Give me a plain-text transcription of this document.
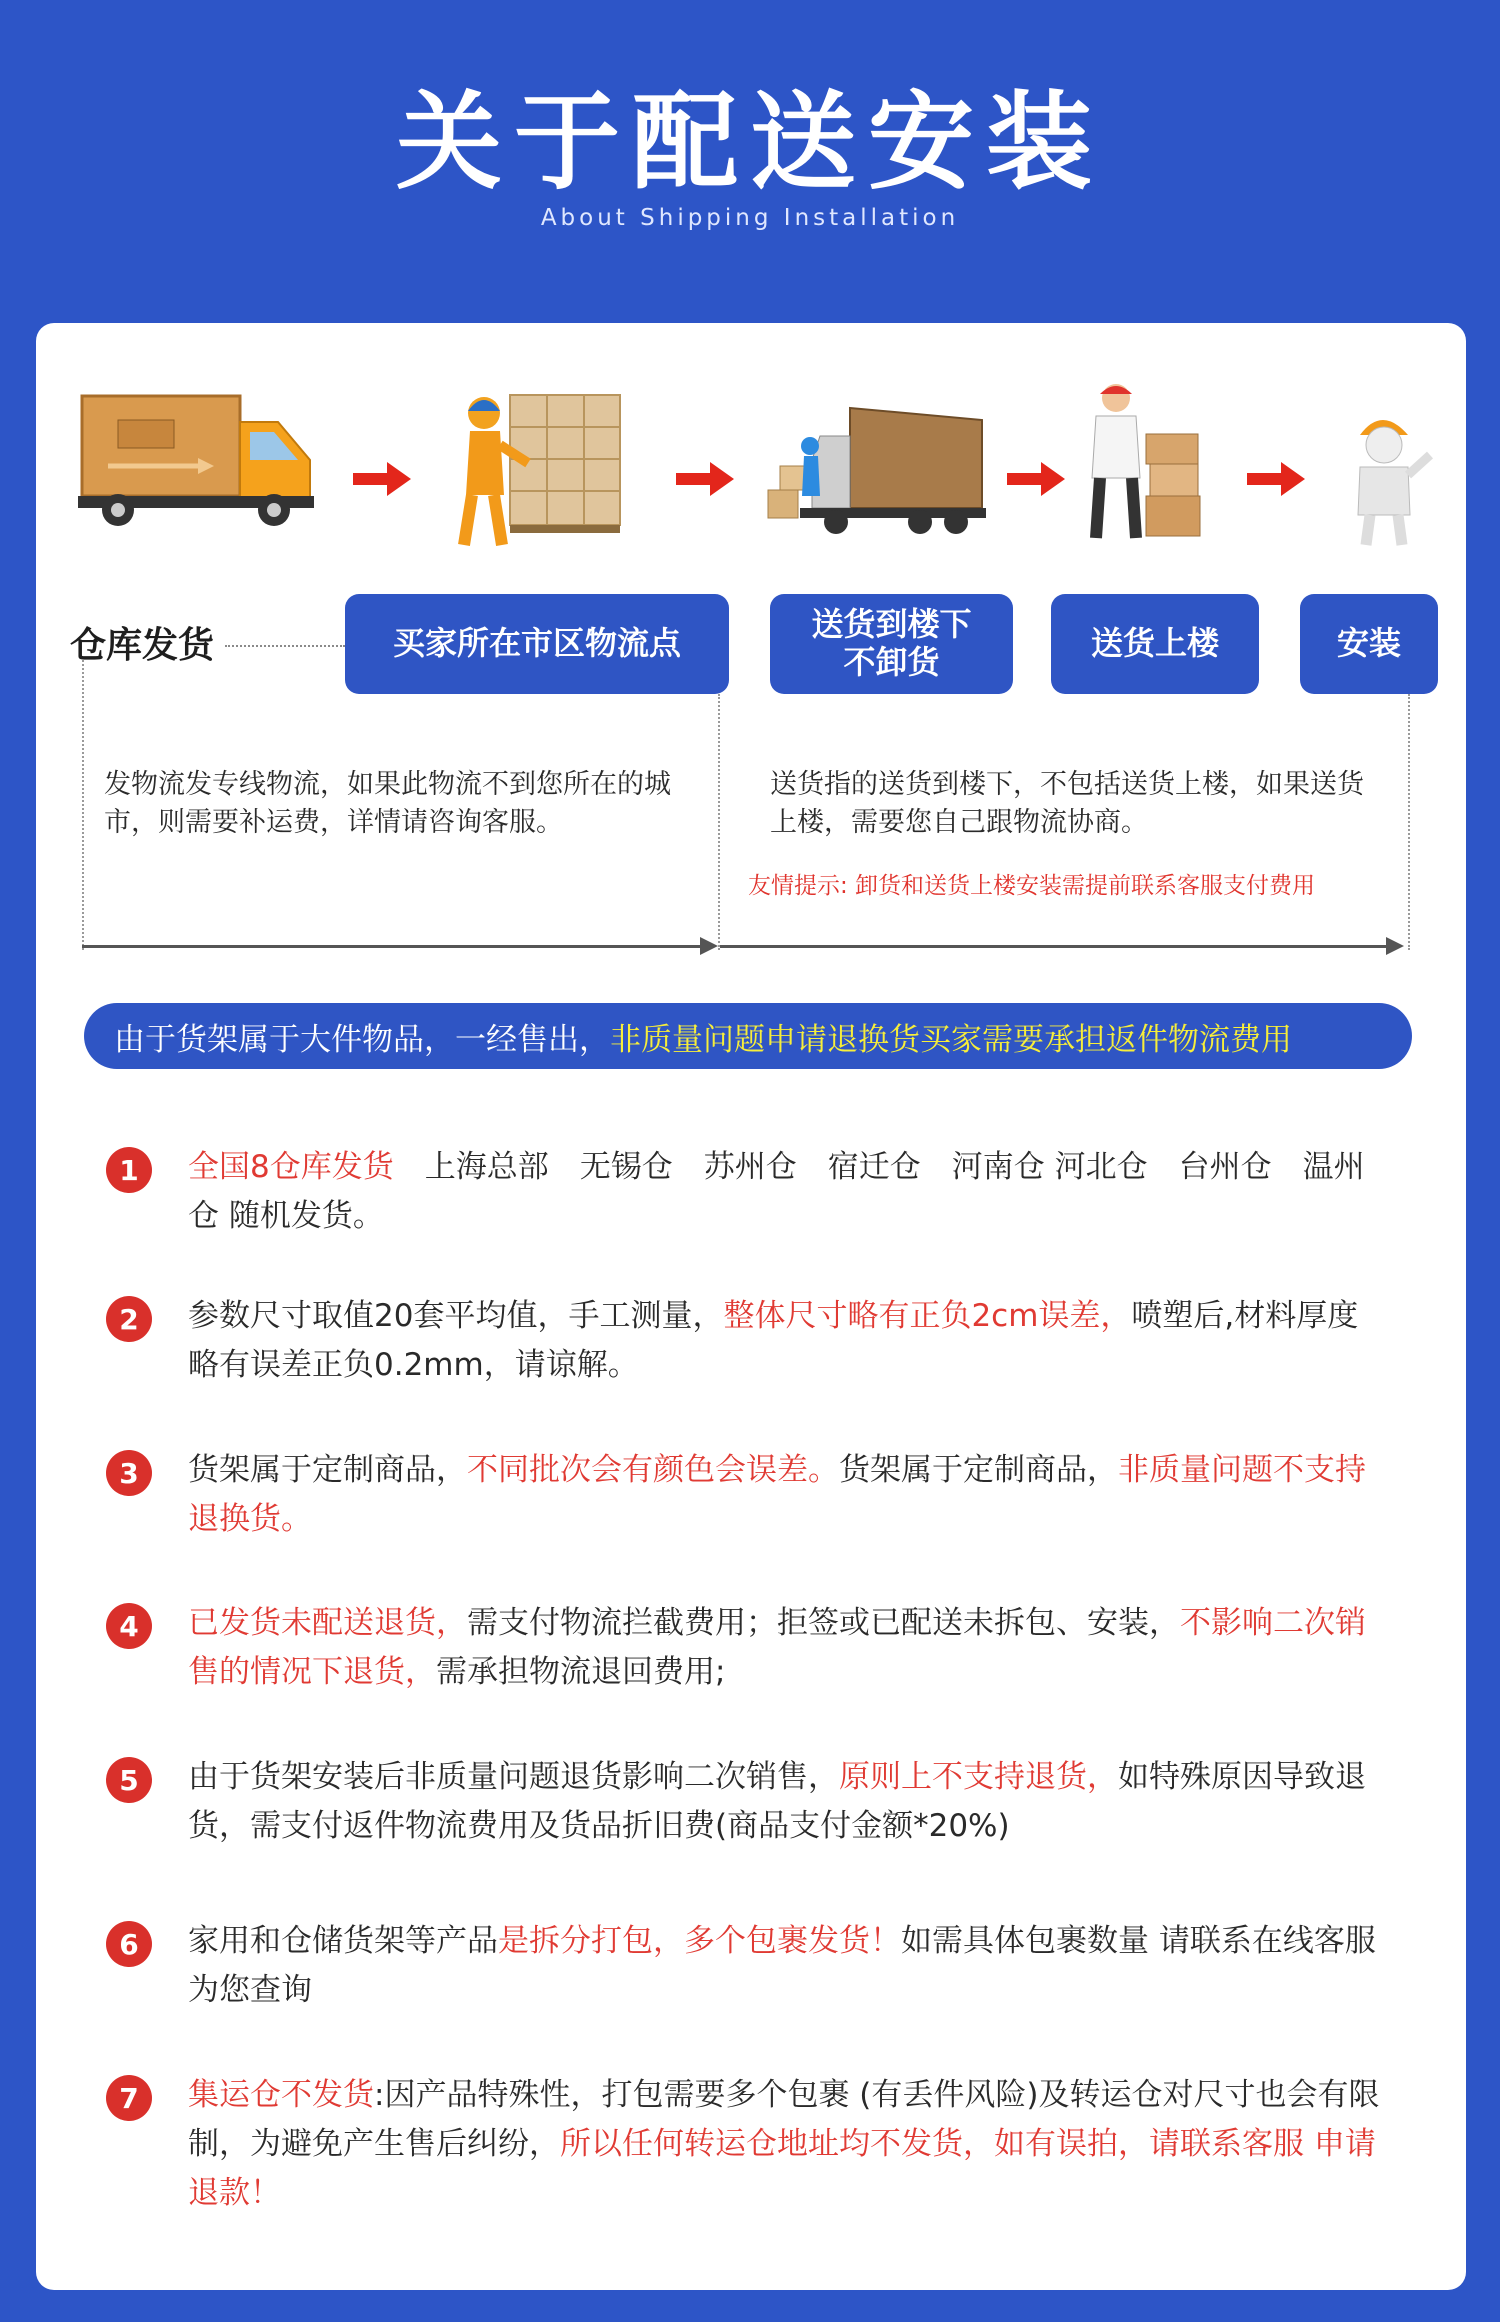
关于配送安装
About Shipping Installation
仓库发货	买家所在市区物流点	送货到楼下
不卸货	送货上楼	安装
发物流发专线物流，如果此物流不到您所在的城市，则需要补运费，详情请咨询客服。
送货指的送货到楼下，不包括送货上楼，如果送货上楼，需要您自己跟物流协商。
友情提示: 卸货和送货上楼安装需提前联系客服支付费用
由于货架属于大件物品，一经售出， 非质量问题申请退换货买家需要承担返件物流费用
1	全国8仓库发货　上海总部　无锡仓　苏州仓　宿迁仓　河南仓 河北仓　台州仓　温州仓 随机发货。
2	参数尺寸取值20套平均值，手工测量，整体尺寸略有正负2cm误差，喷塑后,材料厚度略有误差正负0.2mm，请谅解。
3	货架属于定制商品，不同批次会有颜色会误差。货架属于定制商品，非质量问题不支持退换货。
4	已发货未配送退货，需支付物流拦截费用；拒签或已配送未拆包、安装，不影响二次销售的情况下退货，需承担物流退回费用;
5	由于货架安装后非质量问题退货影响二次销售，原则上不支持退货，如特殊原因导致退货，需支付返件物流费用及货品折旧费(商品支付金额*20%)
6	家用和仓储货架等产品是拆分打包，多个包裹发货！如需具体包裹数量 请联系在线客服为您查询
7	集运仓不发货:因产品特殊性，打包需要多个包裹 (有丢件风险)及转运仓对尺寸也会有限制，为避免产生售后纠纷，所以任何转运仓地址均不发货，如有误拍，请联系客服 申请退款！
